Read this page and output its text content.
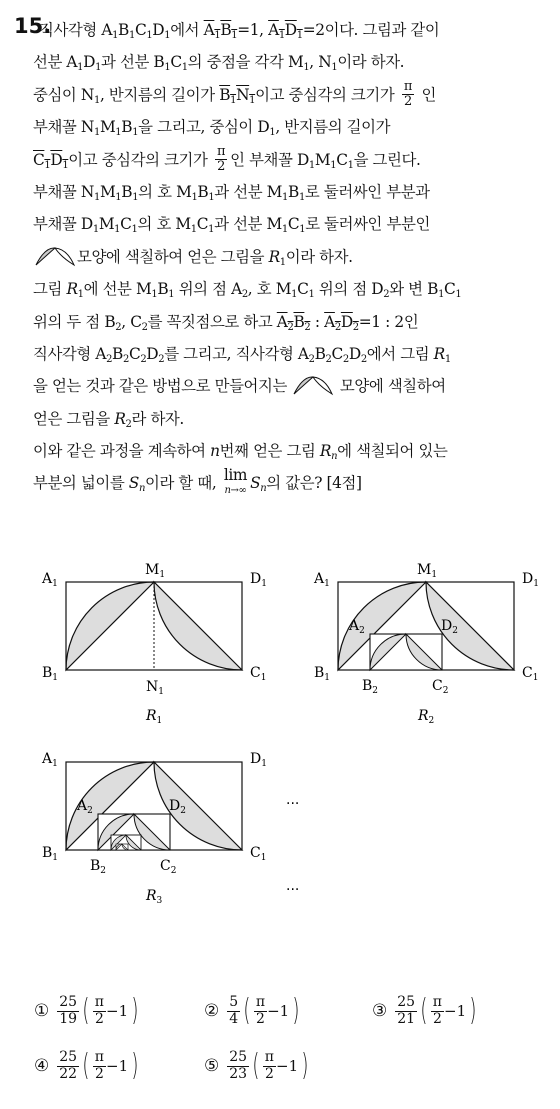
15.
직사각형 $A_1B_1C_1D_1$에서 $A_1B_1=1$, $A_1D_1=2$이다. 그림과 같이
선분 $A_1D_1$과 선분 $B_1C_1$의 중점을 각각 $M_1$, $N_1$이라 하자.
중심이 $N_1$, 반지름의 길이가 $B_1N_1$이고 중심각의 크기가 $\frac{\pi}{2}$ 인
부채꼴 $N_1M_1B_1$을 그리고, 중심이 $D_1$, 반지름의 길이가
$C_1D_1$이고 중심각의 크기가 $\frac{\pi}{2}$ 인 부채꼴 $D_1M_1C_1$을 그린다.
부채꼴 $N_1M_1B_1$의 호 $M_1B_1$과 선분 $M_1B_1$로 둘러싸인 부분과
부채꼴 $D_1M_1C_1$의 호 $M_1C_1$과 선분 $M_1C_1$로 둘러싸인 부분인
모양에 색칠하여 얻은 그림을 $R_1$이라 하자.
그림 $R_1$에 선분 $M_1B_1$ 위의 점 $A_2$, 호 $M_1C_1$ 위의 점 $D_2$와 변 $B_1C_1$
위의 두 점 $B_2$, $C_2$를 꼭짓점으로 하고 $A_2B_2$ : $A_2D_2=1$ : 2인
직사각형 $A_2B_2C_2D_2$를 그리고, 직사각형 $A_2B_2C_2D_2$에서 그림 $R_1$
을 얻는 것과 같은 방법으로 만들어지는	모양에 색칠하여
얻은 그림을 $R_2$라 하자.
이와 같은 과정을 계속하여 n번째 얻은 그림 $R_n$에 색칠되어 있는
부분의 넓이를 $S_n$이라 할 때, lim
n→∞ $S_n$의 값은? [4점]
$A_1$
$M_1$	$D_1$
$B_1$
$N_1$
$C_1$
$R_1$
$A_1$
$M_1$	$D_1$
$B_1$	$C_1$
$A_2$	$D_2$
$B_2$	$C_2$
$R_2$
$A_1$	$D_1$
$B_1$	$C_1$
$A_2$	$D_2$
$B_2$	$C_2$
$R_3$
···
···
① 25
19 ( π
2 −1 )	② 5
4 ( π
2 −1 )	③ 25
21 ( π
2 −1 )
④ 25
22 ( π
2 −1 )	⑤ 25
23 ( π
2 −1 )
